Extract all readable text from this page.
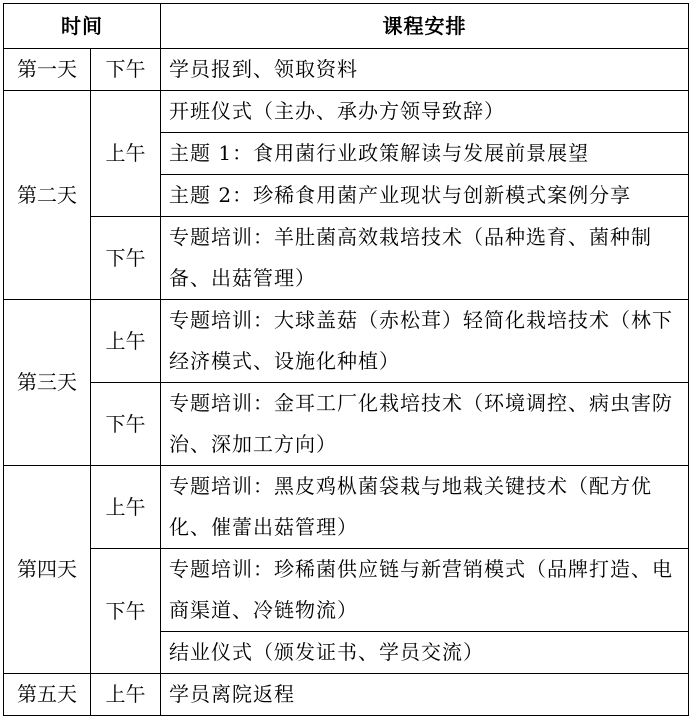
时间		课程安排
第一天	下午	学员报到、领取资料
第二天	上午	开班仪式（主办、承办方领导致辞）
		主题 1：食用菌行业政策解读与发展前景展望
		主题 2：珍稀食用菌产业现状与创新模式案例分享
	下午	专题培训：羊肚菌高效栽培技术（品种选育、菌种制备、出菇管理）
第三天	上午	专题培训：大球盖菇（赤松茸）轻简化栽培技术（林下经济模式、设施化种植）
	下午	专题培训：金耳工厂化栽培技术（环境调控、病虫害防治、深加工方向）
第四天	上午	专题培训：黑皮鸡枞菌袋栽与地栽关键技术（配方优化、催蕾出菇管理）
	下午	专题培训：珍稀菌供应链与新营销模式（品牌打造、电商渠道、冷链物流）
		结业仪式（颁发证书、学员交流）
第五天	上午	学员离院返程
